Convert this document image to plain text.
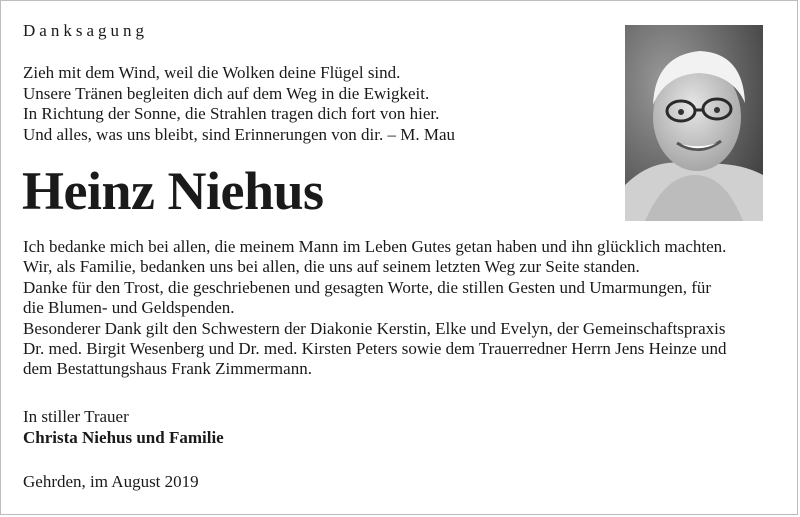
Danksagung
Zieh mit dem Wind, weil die Wolken deine Flügel sind.
Unsere Tränen begleiten dich auf dem Weg in die Ewigkeit.
In Richtung der Sonne, die Strahlen tragen dich fort von hier.
Und alles, was uns bleibt, sind Erinnerungen von dir. – M. Mau
Heinz Niehus
Ich bedanke mich bei allen, die meinem Mann im Leben Gutes getan haben und ihn glücklich machten.
Wir, als Familie, bedanken uns bei allen, die uns auf seinem letzten Weg zur Seite standen.
Danke für den Trost, die geschriebenen und gesagten Worte, die stillen Gesten und Umarmungen, für
die Blumen- und Geldspenden.
Besonderer Dank gilt den Schwestern der Diakonie Kerstin, Elke und Evelyn, der Gemeinschaftspraxis
Dr. med. Birgit Wesenberg und Dr. med. Kirsten Peters sowie dem Trauerredner Herrn Jens Heinze und
dem Bestattungshaus Frank Zimmermann.
In stiller Trauer
Christa Niehus und Familie
Gehrden, im August 2019
